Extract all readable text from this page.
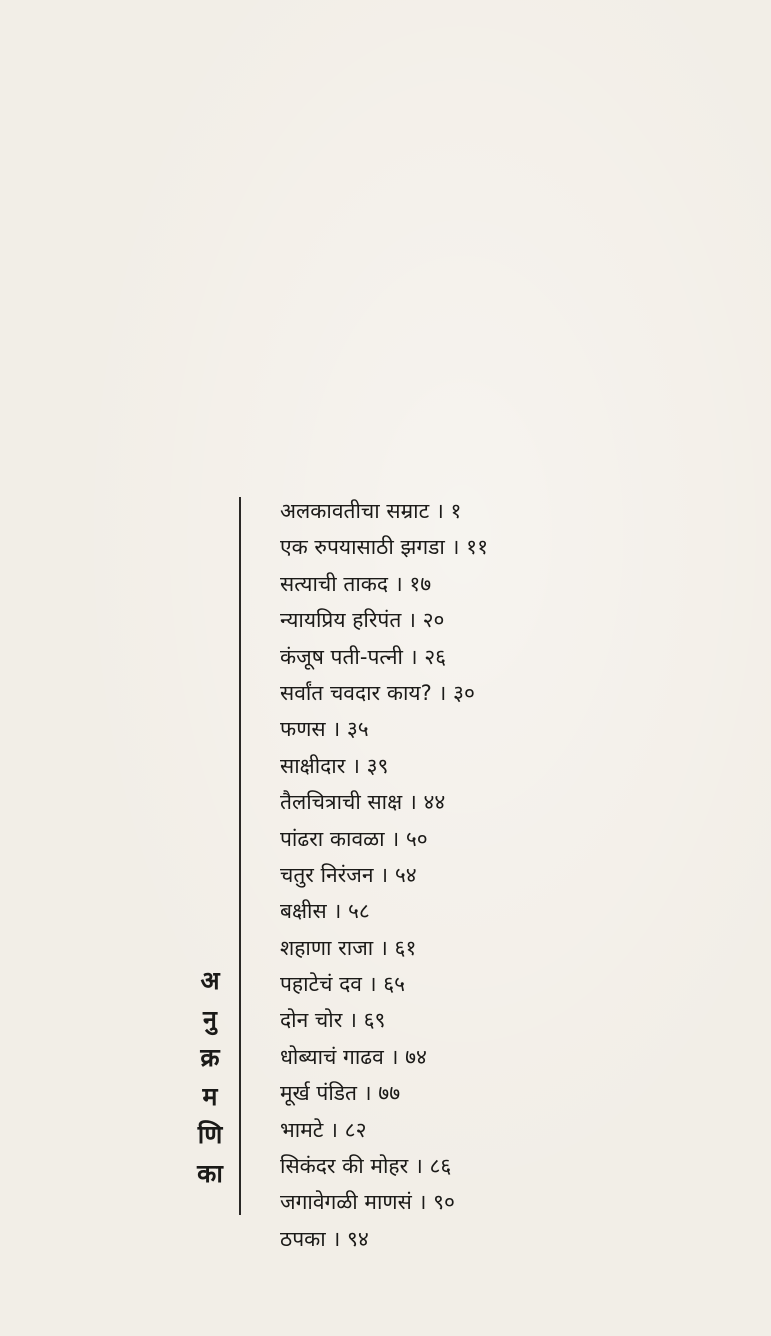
अ
नु
क्र
म
णि
का
अलकावतीचा सम्राट । १
एक रुपयासाठी झगडा । ११
सत्याची ताकद । १७
न्यायप्रिय हरिपंत । २०
कंजूष पती-पत्नी । २६
सर्वांत चवदार काय? । ३०
फणस । ३५
साक्षीदार । ३९
तैलचित्राची साक्ष । ४४
पांढरा कावळा । ५०
चतुर निरंजन । ५४
बक्षीस । ५८
शहाणा राजा । ६१
पहाटेचं दव । ६५
दोन चोर । ६९
धोब्याचं गाढव । ७४
मूर्ख पंडित । ७७
भामटे । ८२
सिकंदर की मोहर । ८६
जगावेगळी माणसं । ९०
ठपका । ९४
